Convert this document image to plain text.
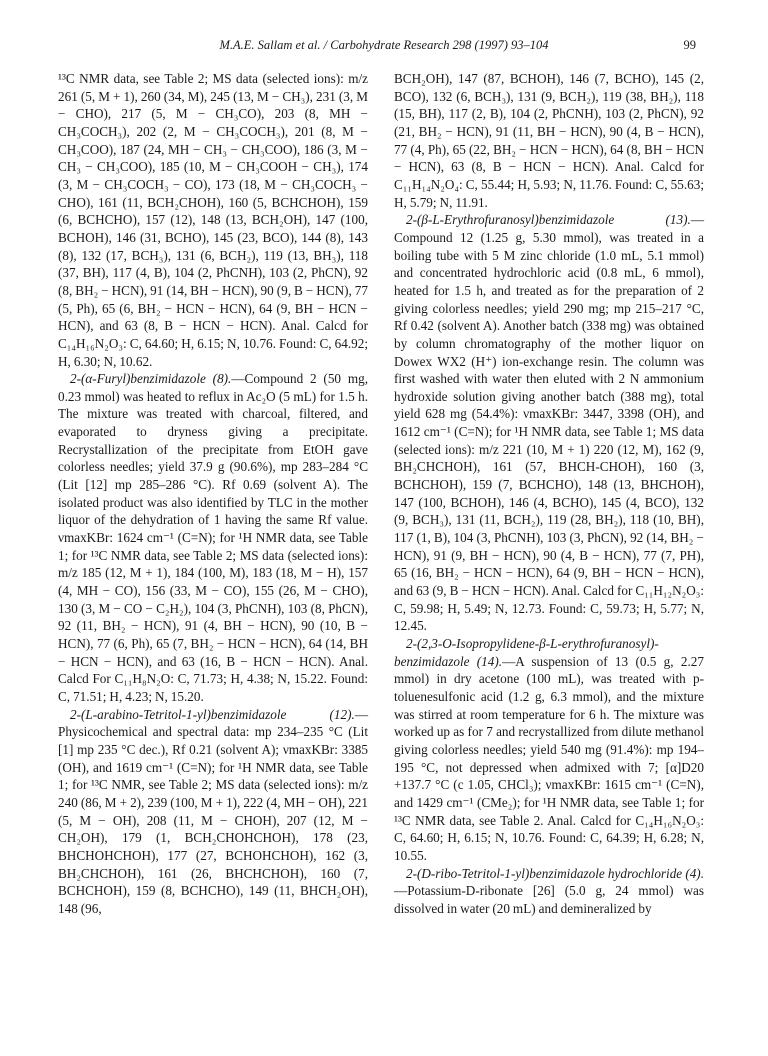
M.A.E. Sallam et al. / Carbohydrate Research 298 (1997) 93–104	99

¹³C NMR data, see Table 2; MS data (selected ions): m/z 261 (5, M + 1), 260 (34, M), 245 (13, M − CH₃), 231 (3, M − CHO), 217 (5, M − CH₃CO), 203 (8, MH − CH₃COCH₃), 202 (2, M − CH₃COCH₃), 201 (8, M − CH₃COO), 187 (24, MH − CH₃ − CH₃COO), 186 (3, M − CH₃ − CH₃COO), 185 (10, M − CH₃COOH − CH₃), 174 (3, M − CH₃COCH₃ − CO), 173 (18, M − CH₃COCH₃ − CHO), 161 (11, BCH₂CHOH), 160 (5, BCHCHOH), 159 (6, BCHCHO), 157 (12), 148 (13, BCH₂OH), 147 (100, BCHOH), 146 (31, BCHO), 145 (23, BCO), 144 (8), 143 (8), 132 (17, BCH₃), 131 (6, BCH₂), 119 (13, BH₃), 118 (37, BH), 117 (4, B), 104 (2, PhCNH), 103 (2, PhCN), 92 (8, BH₂ − HCN), 91 (14, BH − HCN), 90 (9, B − HCN), 77 (5, Ph), 65 (6, BH₂ − HCN − HCN), 64 (9, BH − HCN − HCN), and 63 (8, B − HCN − HCN). Anal. Calcd for C₁₄H₁₆N₂O₃: C, 64.60; H, 6.15; N, 10.76. Found: C, 64.92; H, 6.30; N, 10.62.

2-(α-Furyl)benzimidazole (8).—Compound 2 (50 mg, 0.23 mmol) was heated to reflux in Ac₂O (5 mL) for 1.5 h. The mixture was treated with charcoal, filtered, and evaporated to dryness giving a precipitate. Recrystallization of the precipitate from EtOH gave colorless needles; yield 37.9 g (90.6%), mp 283–284 °C (Lit [12] mp 285–286 °C). Rf 0.69 (solvent A). The isolated product was also identified by TLC in the mother liquor of the dehydration of 1 having the same Rf value. νmaxKBr: 1624 cm⁻¹ (C=N); for ¹H NMR data, see Table 1; for ¹³C NMR data, see Table 2; MS data (selected ions): m/z 185 (12, M + 1), 184 (100, M), 183 (18, M − H), 157 (4, MH − CO), 156 (33, M − CO), 155 (26, M − CHO), 130 (3, M − CO − C₂H₂), 104 (3, PhCNH), 103 (8, PhCN), 92 (11, BH₂ − HCN), 91 (4, BH − HCN), 90 (10, B − HCN), 77 (6, Ph), 65 (7, BH₂ − HCN − HCN), 64 (14, BH − HCN − HCN), and 63 (16, B − HCN − HCN). Anal. Calcd For C₁₁H₈N₂O: C, 71.73; H, 4.38; N, 15.22. Found: C, 71.51; H, 4.23; N, 15.20.

2-(L-arabino-Tetritol-1-yl)benzimidazole (12).— Physicochemical and spectral data: mp 234–235 °C (Lit [1] mp 235 °C dec.), Rf 0.21 (solvent A); νmaxKBr: 3385 (OH), and 1619 cm⁻¹ (C=N); for ¹H NMR data, see Table 1; for ¹³C NMR, see Table 2; MS data (selected ions): m/z 240 (86, M + 2), 239 (100, M + 1), 222 (4, MH − OH), 221 (5, M − OH), 208 (11, M − CHOH), 207 (12, M − CH₂OH), 179 (1, BCH₂CHOHCHOH), 178 (23, BHCHOHCHOH), 177 (27, BCHOHCHOH), 162 (3, BH₂CHCHOH), 161 (26, BHCHCHOH), 160 (7, BCHCHOH), 159 (8, BCHCHO), 149 (11, BHCH₂OH), 148 (96,

BCH₂OH), 147 (87, BCHOH), 146 (7, BCHO), 145 (2, BCO), 132 (6, BCH₃), 131 (9, BCH₂), 119 (38, BH₂), 118 (15, BH), 117 (2, B), 104 (2, PhCNH), 103 (2, PhCN), 92 (21, BH₂ − HCN), 91 (11, BH − HCN), 90 (4, B − HCN), 77 (4, Ph), 65 (22, BH₂ − HCN − HCN), 64 (8, BH − HCN − HCN), 63 (8, B − HCN − HCN). Anal. Calcd for C₁₁H₁₄N₂O₄: C, 55.44; H, 5.93; N, 11.76. Found: C, 55.63; H, 5.79; N, 11.91.

2-(β-L-Erythrofuranosyl)benzimidazole (13).— Compound 12 (1.25 g, 5.30 mmol), was treated in a boiling tube with 5 M zinc chloride (1.0 mL, 5.1 mmol) and concentrated hydrochloric acid (0.8 mL, 6 mmol), heated for 1.5 h, and treated as for the preparation of 2 giving colorless needles; yield 290 mg; mp 215–217 °C, Rf 0.42 (solvent A). Another batch (338 mg) was obtained by column chromatography of the mother liquor on Dowex WX2 (H⁺) ion-exchange resin. The column was first washed with water then eluted with 2 N ammonium hydroxide solution giving another batch (388 mg), total yield 628 mg (54.4%): νmaxKBr: 3447, 3398 (OH), and 1612 cm⁻¹ (C=N); for ¹H NMR data, see Table 1; MS data (selected ions): m/z 221 (10, M + 1) 220 (12, M), 162 (9, BH₂CHCHOH), 161 (57, BHCH-CHOH), 160 (3, BCHCHOH), 159 (7, BCHCHO), 148 (13, BHCHOH), 147 (100, BCHOH), 146 (4, BCHO), 145 (4, BCO), 132 (9, BCH₃), 131 (11, BCH₂), 119 (28, BH₂), 118 (10, BH), 117 (1, B), 104 (3, PhCNH), 103 (3, PhCN), 92 (14, BH₂ − HCN), 91 (9, BH − HCN), 90 (4, B − HCN), 77 (7, PH), 65 (16, BH₂ − HCN − HCN), 64 (9, BH − HCN − HCN), and 63 (9, B − HCN − HCN). Anal. Calcd for C₁₁H₁₂N₂O₃: C, 59.98; H, 5.49; N, 12.73. Found: C, 59.73; H, 5.77; N, 12.45.

2-(2,3-O-Isopropylidene-β-L-erythrofuranosyl)-benzimidazole (14).—A suspension of 13 (0.5 g, 2.27 mmol) in dry acetone (100 mL), was treated with p-toluenesulfonic acid (1.2 g, 6.3 mmol), and the mixture was stirred at room temperature for 6 h. The mixture was worked up as for 7 and recrystallized from dilute methanol giving colorless needles; yield 540 mg (91.4%): mp 194–195 °C, not depressed when admixed with 7; [α]D20 +137.7 °C (c 1.05, CHCl₃); νmaxKBr: 1615 cm⁻¹ (C=N), and 1429 cm⁻¹ (CMe₂); for ¹H NMR data, see Table 1; for ¹³C NMR data, see Table 2. Anal. Calcd for C₁₄H₁₆N₂O₃: C, 64.60; H, 6.15; N, 10.76. Found: C, 64.39; H, 6.28; N, 10.55.

2-(D-ribo-Tetritol-1-yl)benzimidazole hydrochloride (4).—Potassium-D-ribonate [26] (5.0 g, 24 mmol) was dissolved in water (20 mL) and demineralized by
